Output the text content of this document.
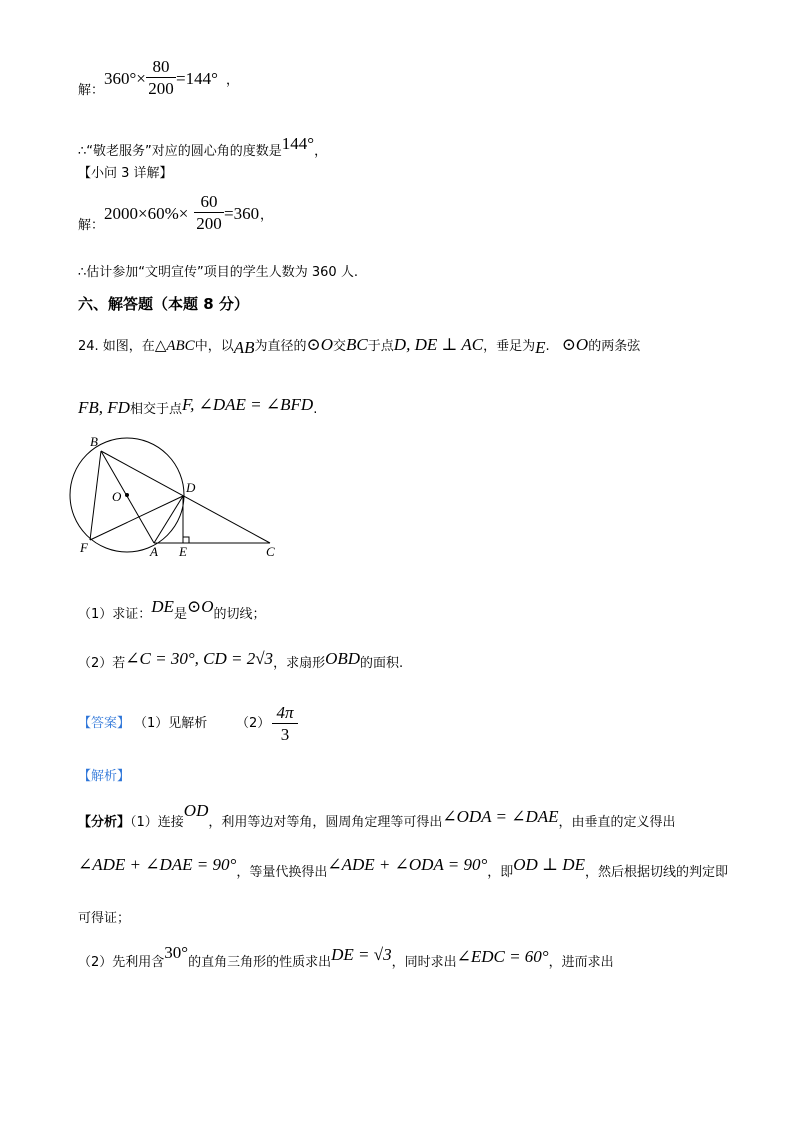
解：
360°×
80
200
=144° ，
∴“敬老服务”对应的圆心角的度数是144°，
【小问 3 详解】
解：
2000×60%×
60
200
=360 ，
∴估计参加“文明宣传”项目的学生人数为 360 人.
六、解答题（本题 8 分）
24. 如图，在△ABC中，以AB为直径的⊙O交BC于点D, DE ⊥ AC，垂足为E. ⊙O的两条弦
FB, FD相交于点F, ∠DAE = ∠BFD.
B
O
D
F	A E	C
（1）求证：DE是⊙O的切线；
（2）若∠C = 30°, CD = 2√3，求扇形OBD的面积.
【答案】 （1）见解析 （2）
4π
3
【解析】
【分析】（1）连接OD，利用等边对等角，圆周角定理等可得出∠ODA = ∠DAE，由垂直的定义得出
∠ADE + ∠DAE = 90°，等量代换得出∠ADE + ∠ODA = 90°，即OD ⊥ DE，然后根据切线的判定即
可得证；
（2）先利用含30°的直角三角形的性质求出DE = √3，同时求出∠EDC = 60°，进而求出
